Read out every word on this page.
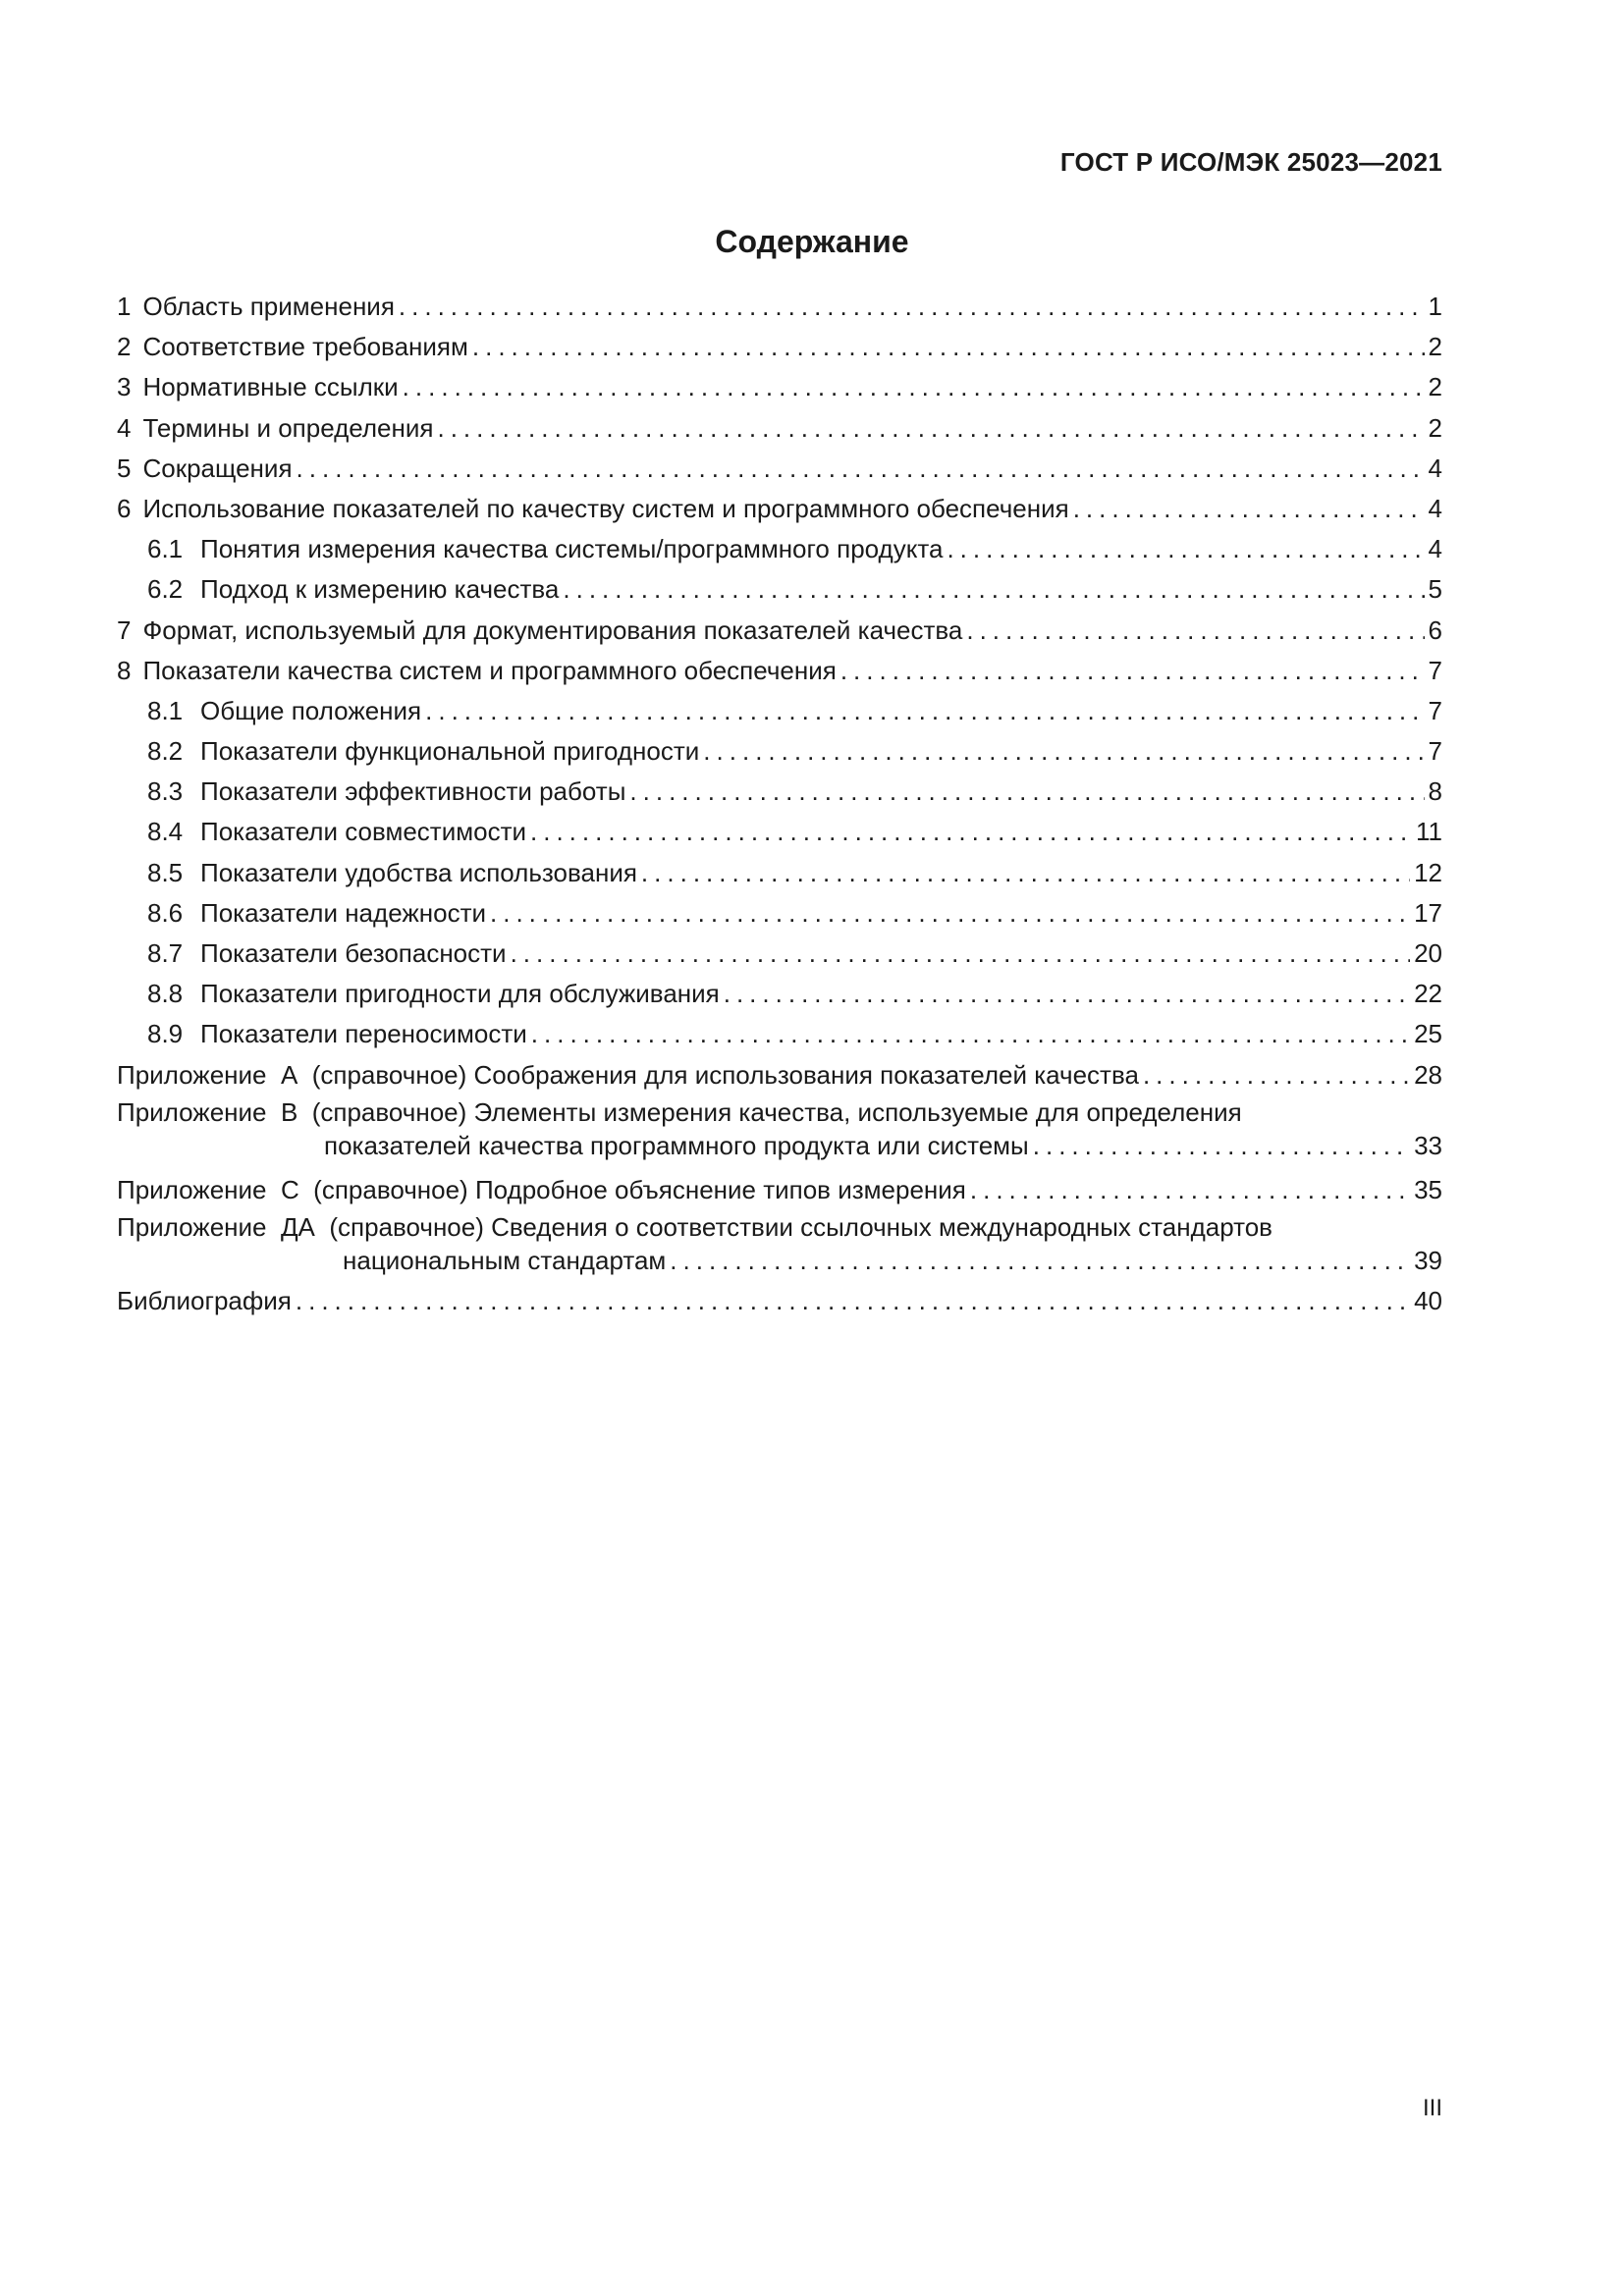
ГОСТ Р ИСО/МЭК 25023—2021
Содержание
1 Область применения .....	1
2 Соответствие требованиям .....	2
3 Нормативные ссылки .....	2
4 Термины и определения .....	2
5 Сокращения .....	4
6 Использование показателей по качеству систем и программного обеспечения .....	4
6.1 Понятия измерения качества системы/программного продукта .....	4
6.2 Подход к измерению качества .....	5
7 Формат, используемый для документирования показателей качества .....	6
8 Показатели качества систем и программного обеспечения .....	7
8.1 Общие положения .....	7
8.2 Показатели функциональной пригодности .....	7
8.3 Показатели эффективности работы .....	8
8.4 Показатели совместимости .....	11
8.5 Показатели удобства использования .....	12
8.6 Показатели надежности .....	17
8.7 Показатели безопасности .....	20
8.8 Показатели пригодности для обслуживания .....	22
8.9 Показатели переносимости .....	25
Приложение  А  (справочное) Соображения для использования показателей качества .....	28
Приложение  В  (справочное) Элементы измерения качества, используемые для определения
показателей качества программного продукта или системы .....	33
Приложение  С  (справочное) Подробное объяснение типов измерения .....	35
Приложение  ДА  (справочное) Сведения о соответствии ссылочных международных стандартов
национальным стандартам .....	39
Библиография .....	40
III
